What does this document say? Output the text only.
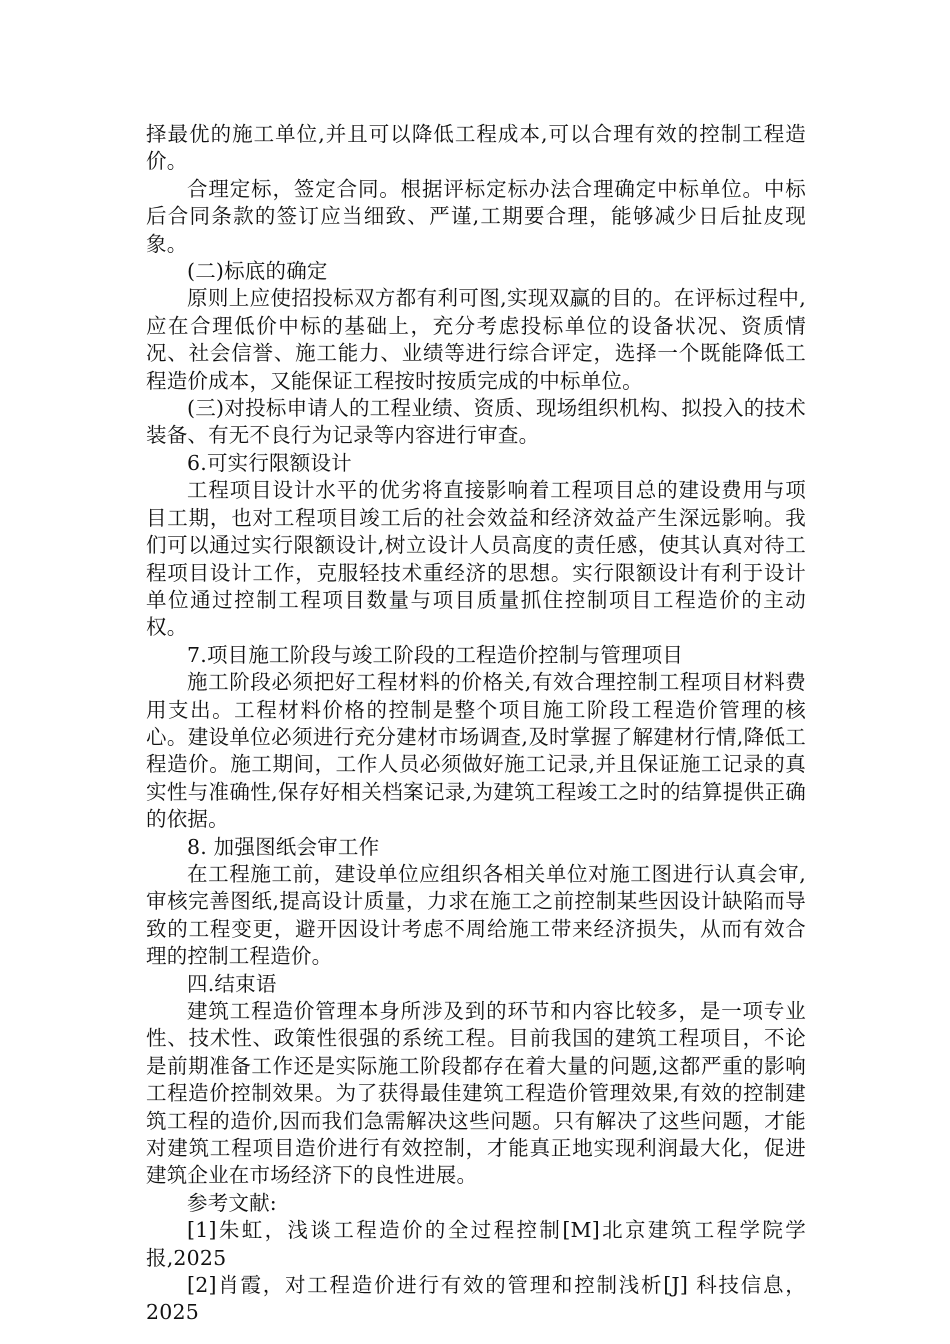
择最优的施工单位,并且可以降低工程成本,可以合理有效的控制工程造价。

合理定标，签定合同。根据评标定标办法合理确定中标单位。中标后合同条款的签订应当细致、严谨,工期要合理，能够减少日后扯皮现象。

(二)标底的确定

原则上应使招投标双方都有利可图,实现双赢的目的。在评标过程中,应在合理低价中标的基础上，充分考虑投标单位的设备状况、资质情况、社会信誉、施工能力、业绩等进行综合评定，选择一个既能降低工程造价成本，又能保证工程按时按质完成的中标单位。

(三)对投标申请人的工程业绩、资质、现场组织机构、拟投入的技术装备、有无不良行为记录等内容进行审查。

6.可实行限额设计

工程项目设计水平的优劣将直接影响着工程项目总的建设费用与项目工期，也对工程项目竣工后的社会效益和经济效益产生深远影响。我们可以通过实行限额设计,树立设计人员高度的责任感，使其认真对待工程项目设计工作，克服轻技术重经济的思想。实行限额设计有利于设计单位通过控制工程项目数量与项目质量抓住控制项目工程造价的主动权。

7.项目施工阶段与竣工阶段的工程造价控制与管理项目

施工阶段必须把好工程材料的价格关,有效合理控制工程项目材料费用支出。工程材料价格的控制是整个项目施工阶段工程造价管理的核心。建设单位必须进行充分建材市场调查,及时掌握了解建材行情,降低工程造价。施工期间，工作人员必须做好施工记录,并且保证施工记录的真实性与准确性,保存好相关档案记录,为建筑工程竣工之时的结算提供正确的依据。

8. 加强图纸会审工作

在工程施工前，建设单位应组织各相关单位对施工图进行认真会审,审核完善图纸,提高设计质量，力求在施工之前控制某些因设计缺陷而导致的工程变更，避开因设计考虑不周给施工带来经济损失，从而有效合理的控制工程造价。

四.结束语

建筑工程造价管理本身所涉及到的环节和内容比较多，是一项专业性、技术性、政策性很强的系统工程。目前我国的建筑工程项目，不论是前期准备工作还是实际施工阶段都存在着大量的问题,这都严重的影响工程造价控制效果。为了获得最佳建筑工程造价管理效果,有效的控制建筑工程的造价,因而我们急需解决这些问题。只有解决了这些问题，才能对建筑工程项目造价进行有效控制，才能真正地实现利润最大化，促进建筑企业在市场经济下的良性进展。

参考文献:

[1]朱虹，浅谈工程造价的全过程控制[M]北京建筑工程学院学报,2025

[2]肖霞，对工程造价进行有效的管理和控制浅析[J] 科技信息， 2025
